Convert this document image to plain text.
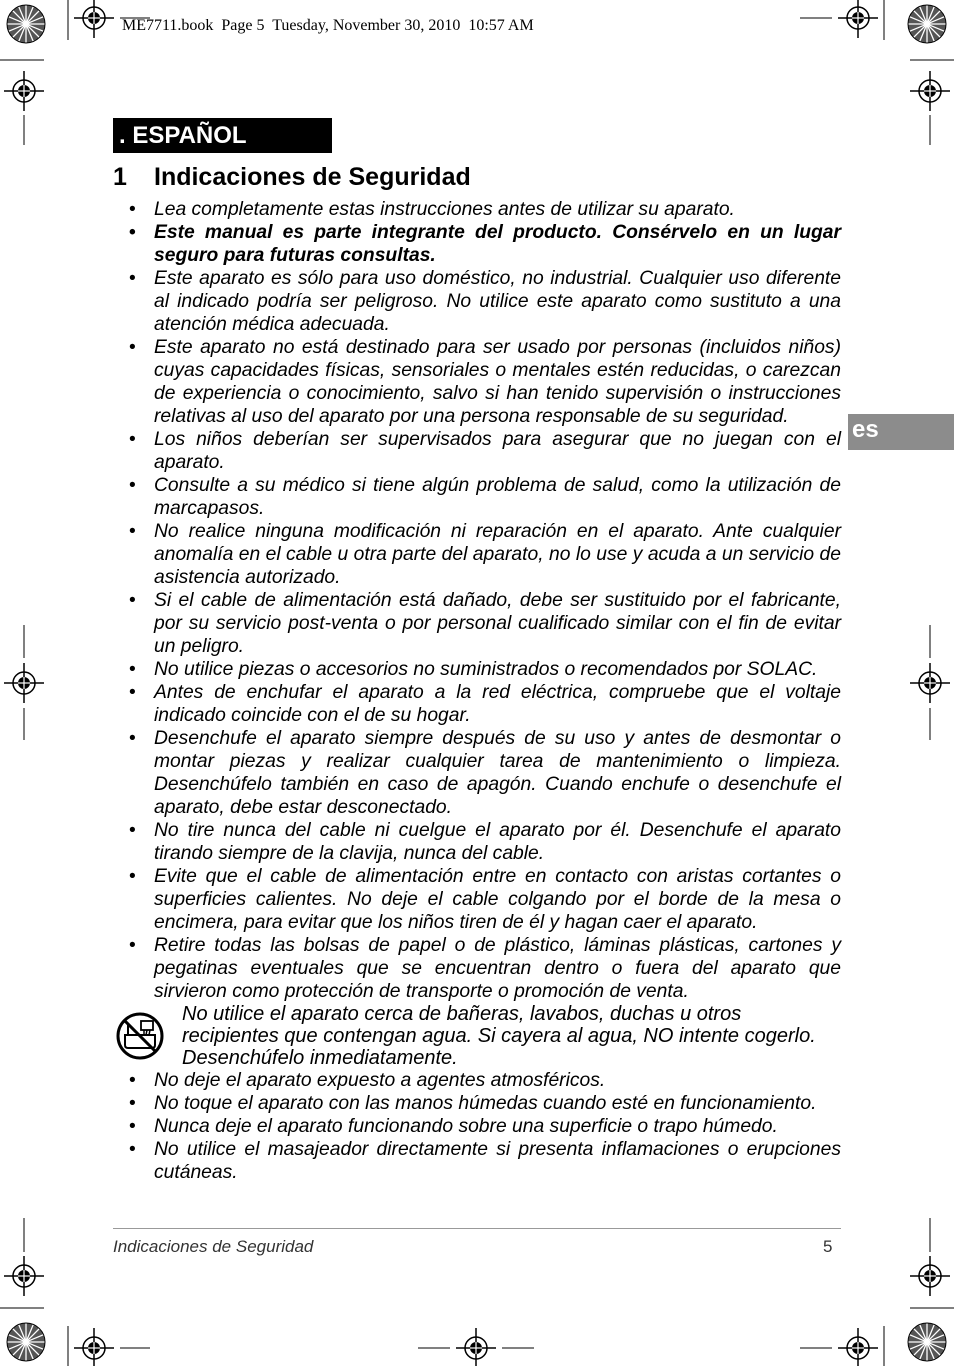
ME7711.book  Page 5  Tuesday, November 30, 2010  10:57 AM
. ESPAÑOL
1 Indicaciones de Seguridad
es
• Lea completamente estas instrucciones antes de utilizar su aparato.
• Este manual es parte integrante del producto. Consérvelo en un lugar seguro para futuras consultas.
• Este aparato es sólo para uso doméstico, no industrial. Cualquier uso diferente al indicado podría ser peligroso. No utilice este aparato como sustituto a una atención médica adecuada.
• Este aparato no está destinado para ser usado por personas (incluidos niños) cuyas capacidades físicas, sensoriales o mentales estén reducidas, o carezcan de experiencia o conocimiento, salvo si han tenido supervisión o instrucciones relativas al uso del aparato por una persona responsable de su seguridad.
• Los niños deberían ser supervisados para asegurar que no juegan con el aparato.
• Consulte a su médico si tiene algún problema de salud, como la utilización de marcapasos.
• No realice ninguna modificación ni reparación en el aparato. Ante cualquier anomalía en el cable u otra parte del aparato, no lo use y acuda a un servicio de asistencia autorizado.
• Si el cable de alimentación está dañado, debe ser sustituido por el fabricante, por su servicio post-venta o por personal cualificado similar con el fin de evitar un peligro.
• No utilice piezas o accesorios no suministrados o recomendados por SOLAC.
• Antes de enchufar el aparato a la red eléctrica, compruebe que el voltaje indicado coincide con el de su hogar.
• Desenchufe el aparato siempre después de su uso y antes de desmontar o montar piezas y realizar cualquier tarea de mantenimiento o limpieza. Desenchúfelo también en caso de apagón. Cuando enchufe o desenchufe el aparato, debe estar desconectado.
• No tire nunca del cable ni cuelgue el aparato por él. Desenchufe el aparato tirando siempre de la clavija, nunca del cable.
• Evite que el cable de alimentación entre en contacto con aristas cortantes o superficies calientes. No deje el cable colgando por el borde de la mesa o encimera, para evitar que los niños tiren de él y hagan caer el aparato.
• Retire todas las bolsas de papel o de plástico, láminas plásticas, cartones y pegatinas eventuales que se encuentran dentro o fuera del aparato que sirvieron como protección de transporte o promoción de venta.
No utilice el aparato cerca de bañeras, lavabos, duchas u otros recipientes que contengan agua. Si cayera al agua, NO intente cogerlo. Desenchúfelo inmediatamente.
• No deje el aparato expuesto a agentes atmosféricos.
• No toque el aparato con las manos húmedas cuando esté en funcionamiento.
• Nunca deje el aparato funcionando sobre una superficie o trapo húmedo.
• No utilice el masajeador directamente si presenta inflamaciones o erupciones cutáneas.
Indicaciones de Seguridad	5
